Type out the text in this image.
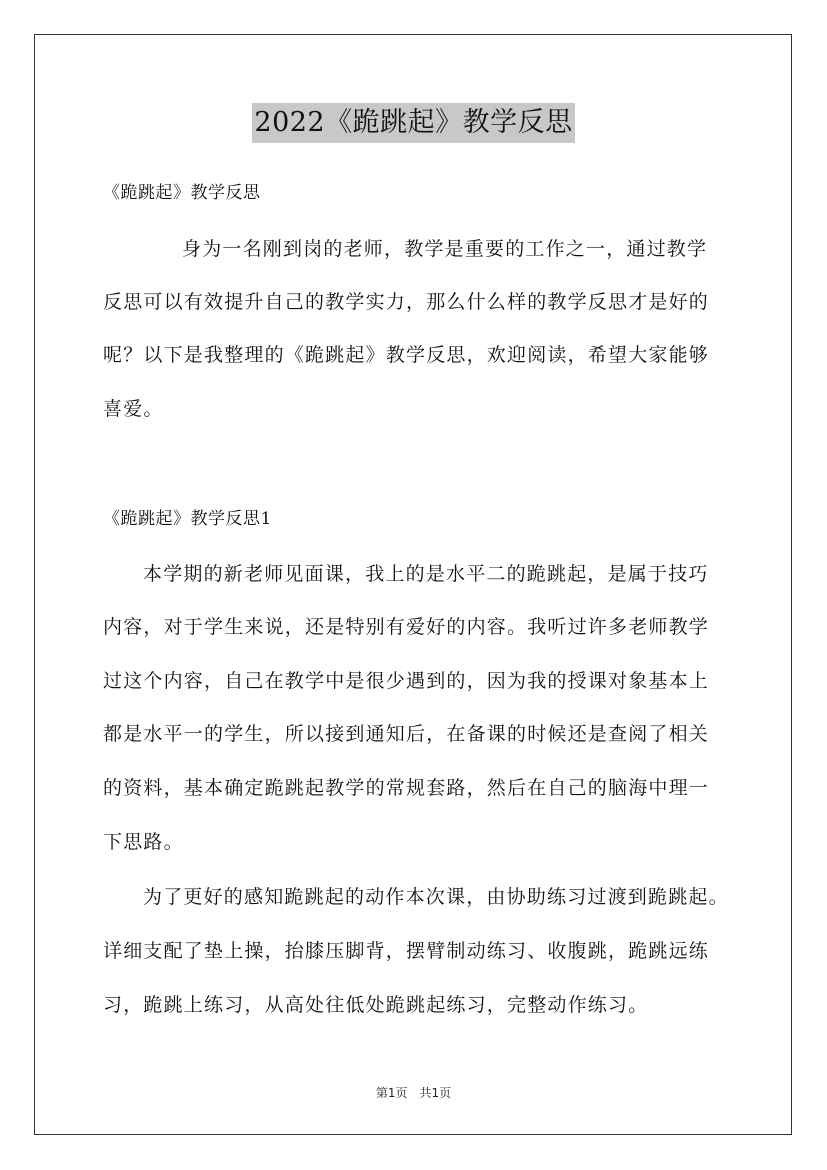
2022《跪跳起》教学反思
《跪跳起》教学反思
身为一名刚到岗的老师，教学是重要的工作之一，通过教学
反思可以有效提升自己的教学实力，那么什么样的教学反思才是好的
呢？以下是我整理的《跪跳起》教学反思，欢迎阅读，希望大家能够
喜爱。
《跪跳起》教学反思1
本学期的新老师见面课，我上的是水平二的跪跳起，是属于技巧
内容，对于学生来说，还是特别有爱好的内容。我听过许多老师教学
过这个内容，自己在教学中是很少遇到的，因为我的授课对象基本上
都是水平一的学生，所以接到通知后，在备课的时候还是查阅了相关
的资料，基本确定跪跳起教学的常规套路，然后在自己的脑海中理一
下思路。
为了更好的感知跪跳起的动作本次课，由协助练习过渡到跪跳起。
详细支配了垫上操，抬膝压脚背，摆臂制动练习、收腹跳，跪跳远练
习，跪跳上练习，从高处往低处跪跳起练习，完整动作练习。
第1页　共1页
